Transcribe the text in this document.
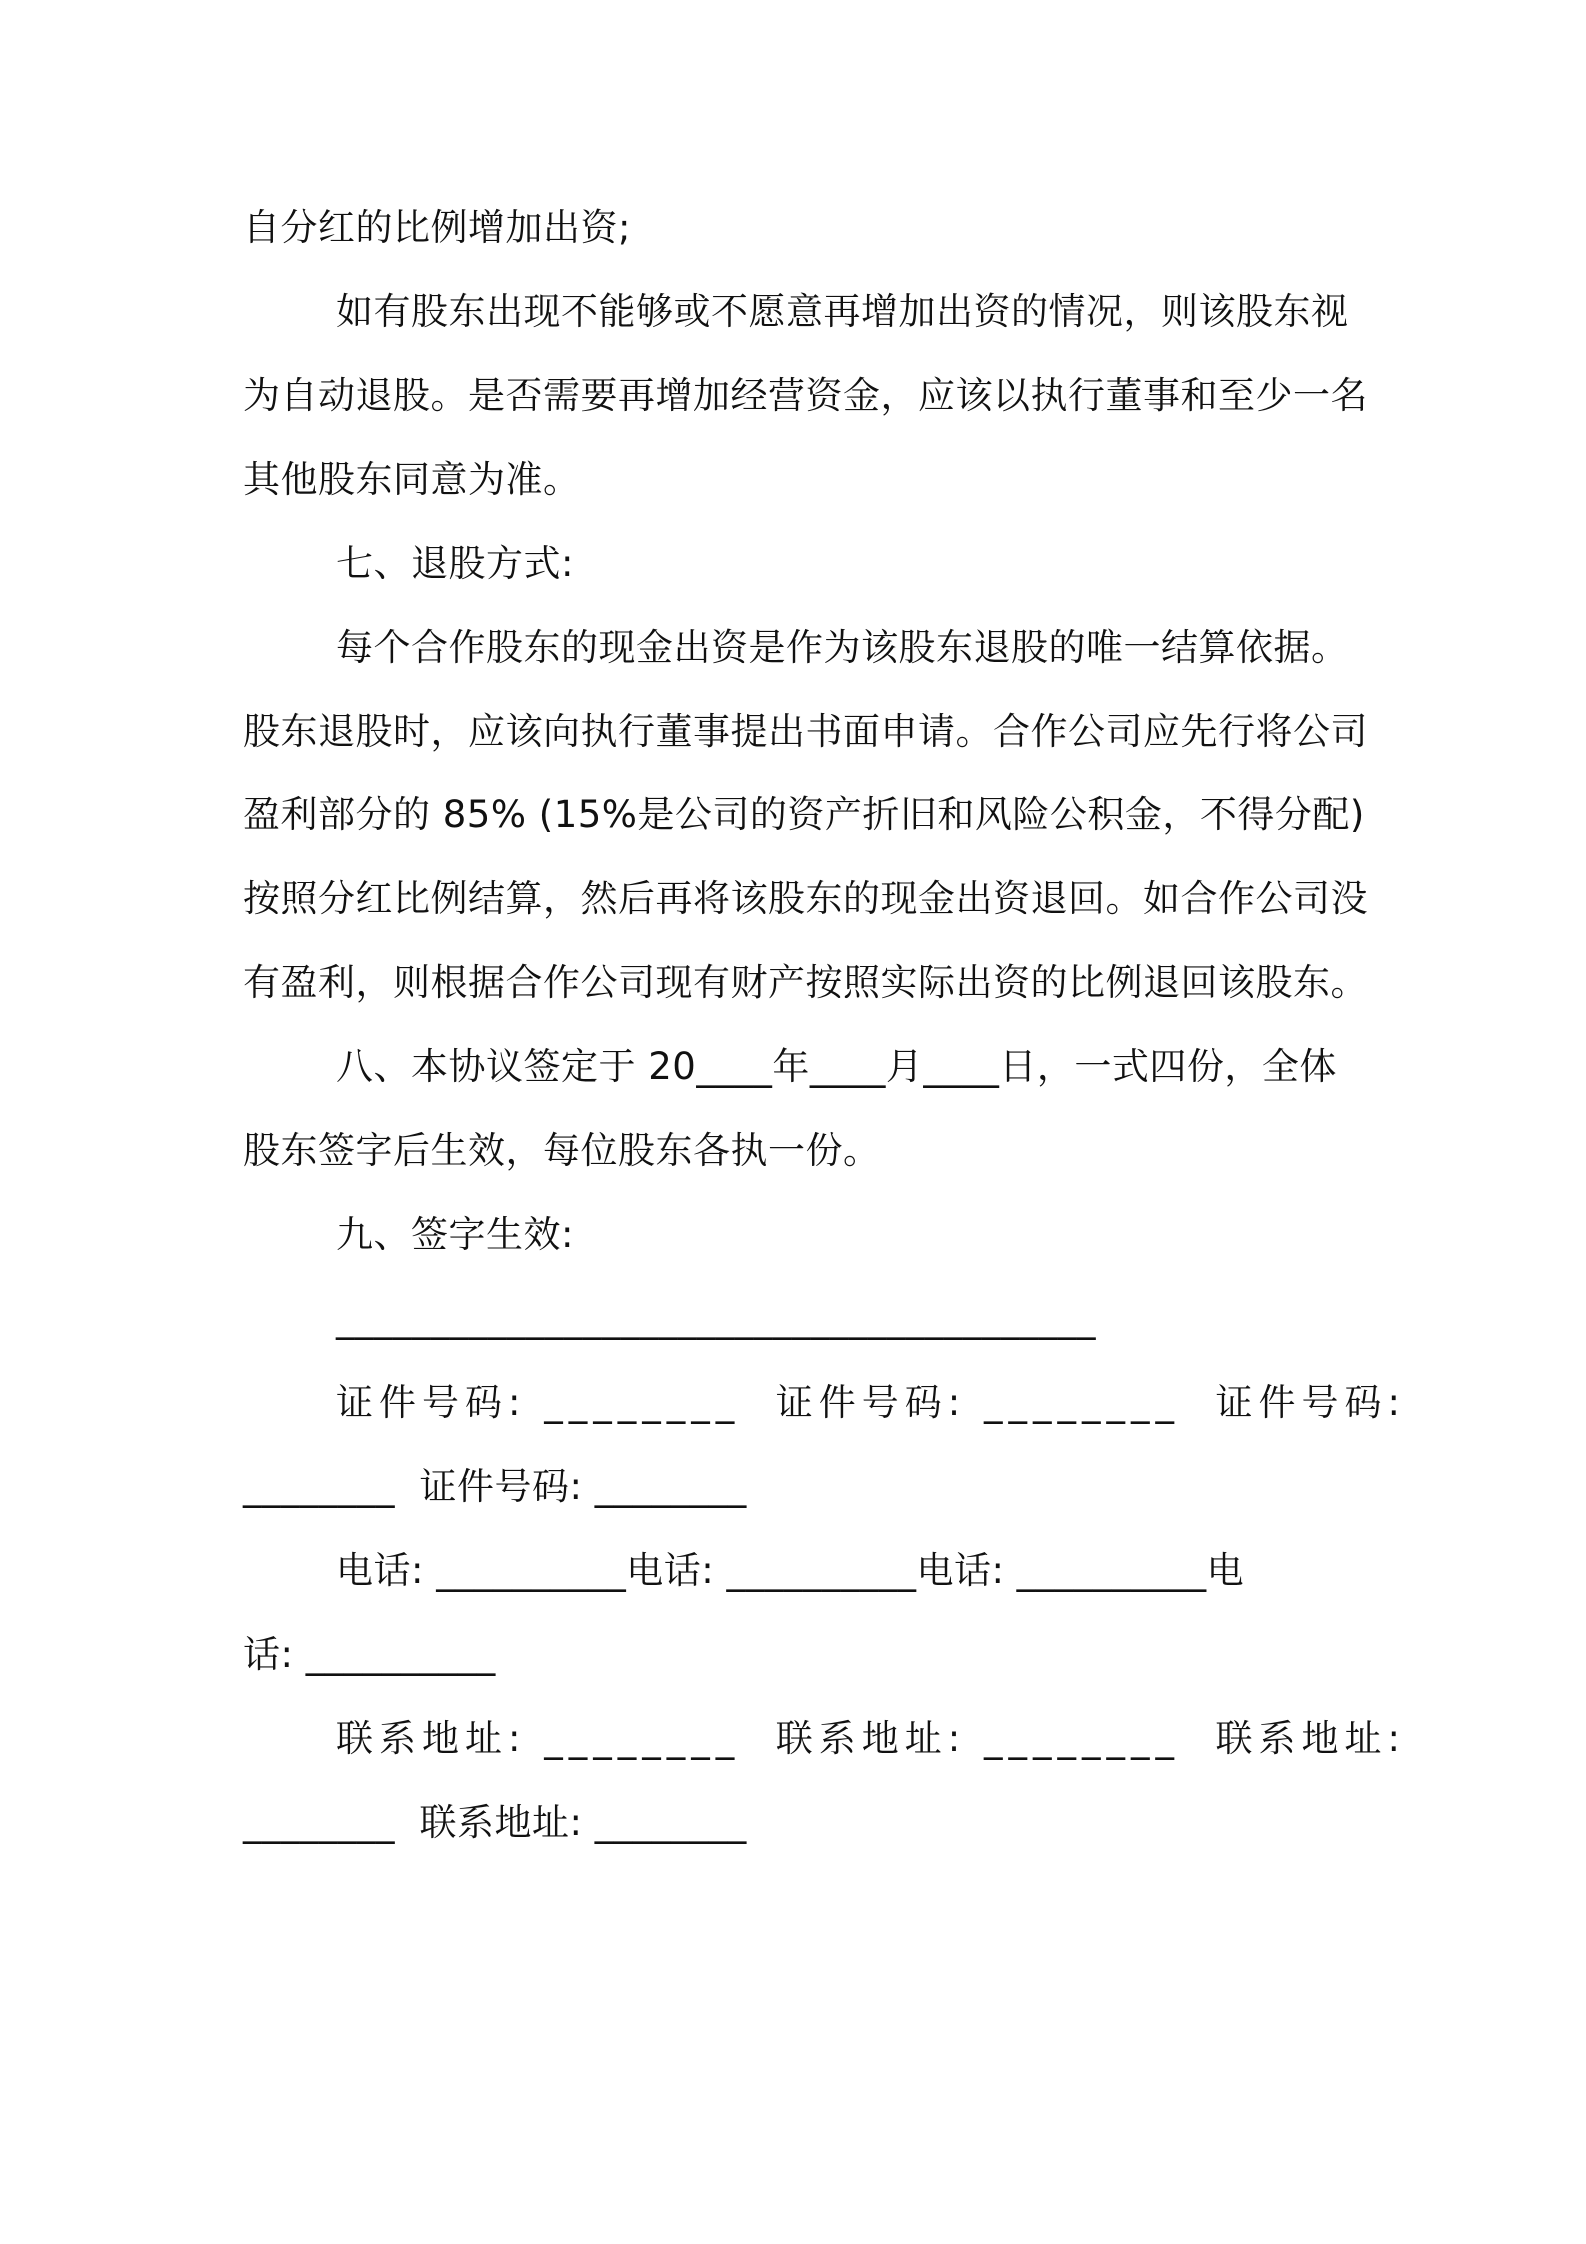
自分红的比例增加出资;
如有股东出现不能够或不愿意再增加出资的情况，则该股东视
为自动退股。是否需要再增加经营资金，应该以执行董事和至少一名
其他股东同意为准。
七、退股方式:
每个合作股东的现金出资是作为该股东退股的唯一结算依据。
股东退股时，应该向执行董事提出书面申请。合作公司应先行将公司
盈利部分的 85% (15%是公司的资产折旧和风险公积金，不得分配)
按照分红比例结算，然后再将该股东的现金出资退回。如合作公司没
有盈利，则根据合作公司现有财产按照实际出资的比例退回该股东。
八、本协议签定于 20____年____月____日，一式四份，全体
股东签字后生效，每位股东各执一份。
九、签字生效:
________________________________________
证件号码: ________  证件号码: ________  证件号码:
________  证件号码: ________
电话: __________电话: __________电话: __________电
话: __________
联系地址: ________  联系地址: ________  联系地址:
________  联系地址: ________
